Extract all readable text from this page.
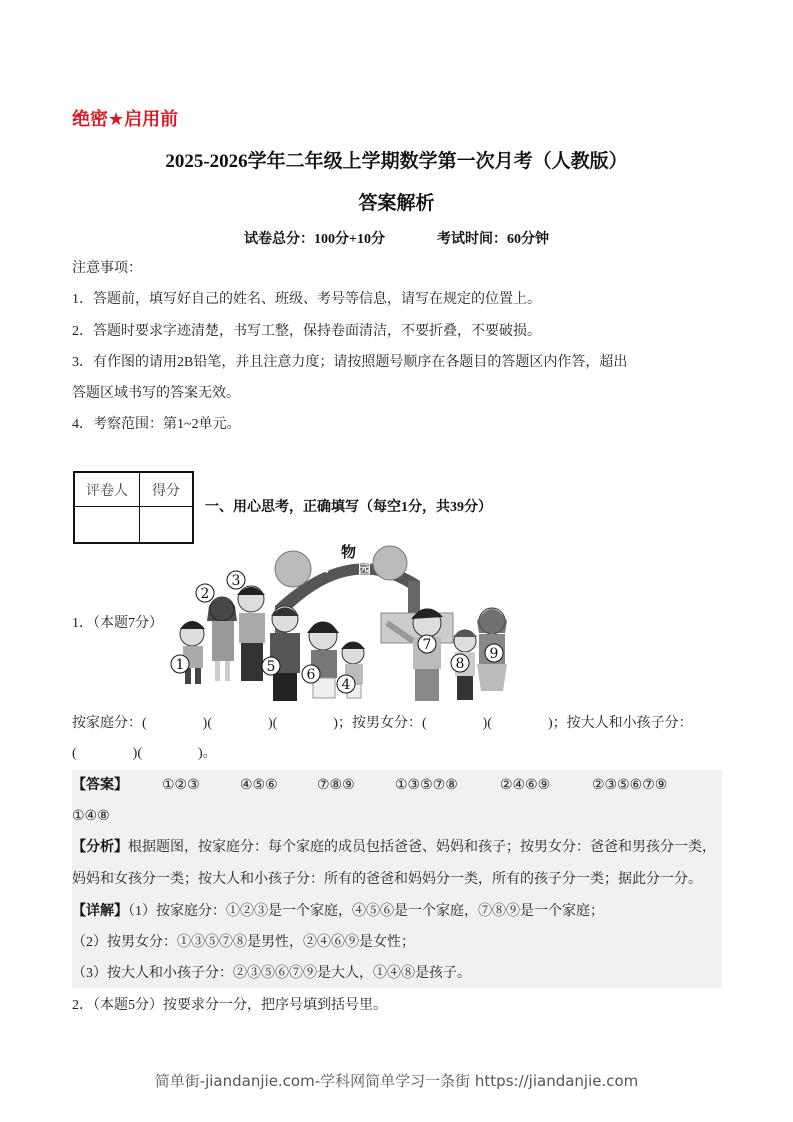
绝密★启用前
2025-2026学年二年级上学期数学第一次月考（人教版）
答案解析
试卷总分：100分+10分	考试时间：60分钟
注意事项：
1．答题前，填写好自己的姓名、班级、考号等信息，请写在规定的位置上。
2．答题时要求字迹清楚，书写工整，保持卷面清洁，不要折叠，不要破损。
3．有作图的请用2B铅笔，并且注意力度；请按照题号顺序在各题目的答题区内作答，超出
答题区域书写的答案无效。
4．考察范围：第1~2单元。
评卷人	得分

一、用心思考，正确填写（每空1分，共39分）
1．（本题7分）
动
物
园
1
2
3
4
5 6
7
8
9
按家庭分：(　　　　)(　　　　)(　　　　)；按男女分：(　　　　)(　　　　)；按大人和小孩子分：
(　　　　)(　　　　)。
【答案】 ①②③	④⑤⑥	⑦⑧⑨	①③⑤⑦⑧	②④⑥⑨	②③⑤⑥⑦⑨
①④⑧
【分析】根据题图，按家庭分：每个家庭的成员包括爸爸、妈妈和孩子；按男女分：爸爸和男孩分一类，
妈妈和女孩分一类；按大人和小孩子分：所有的爸爸和妈妈分一类，所有的孩子分一类；据此分一分。
【详解】（1）按家庭分：①②③是一个家庭，④⑤⑥是一个家庭，⑦⑧⑨是一个家庭；
（2）按男女分：①③⑤⑦⑧是男性，②④⑥⑨是女性；
（3）按大人和小孩子分：②③⑤⑥⑦⑨是大人，①④⑧是孩子。
2．（本题5分）按要求分一分，把序号填到括号里。
简单街-jiandanjie.com-学科网简单学习一条街 https://jiandanjie.com
